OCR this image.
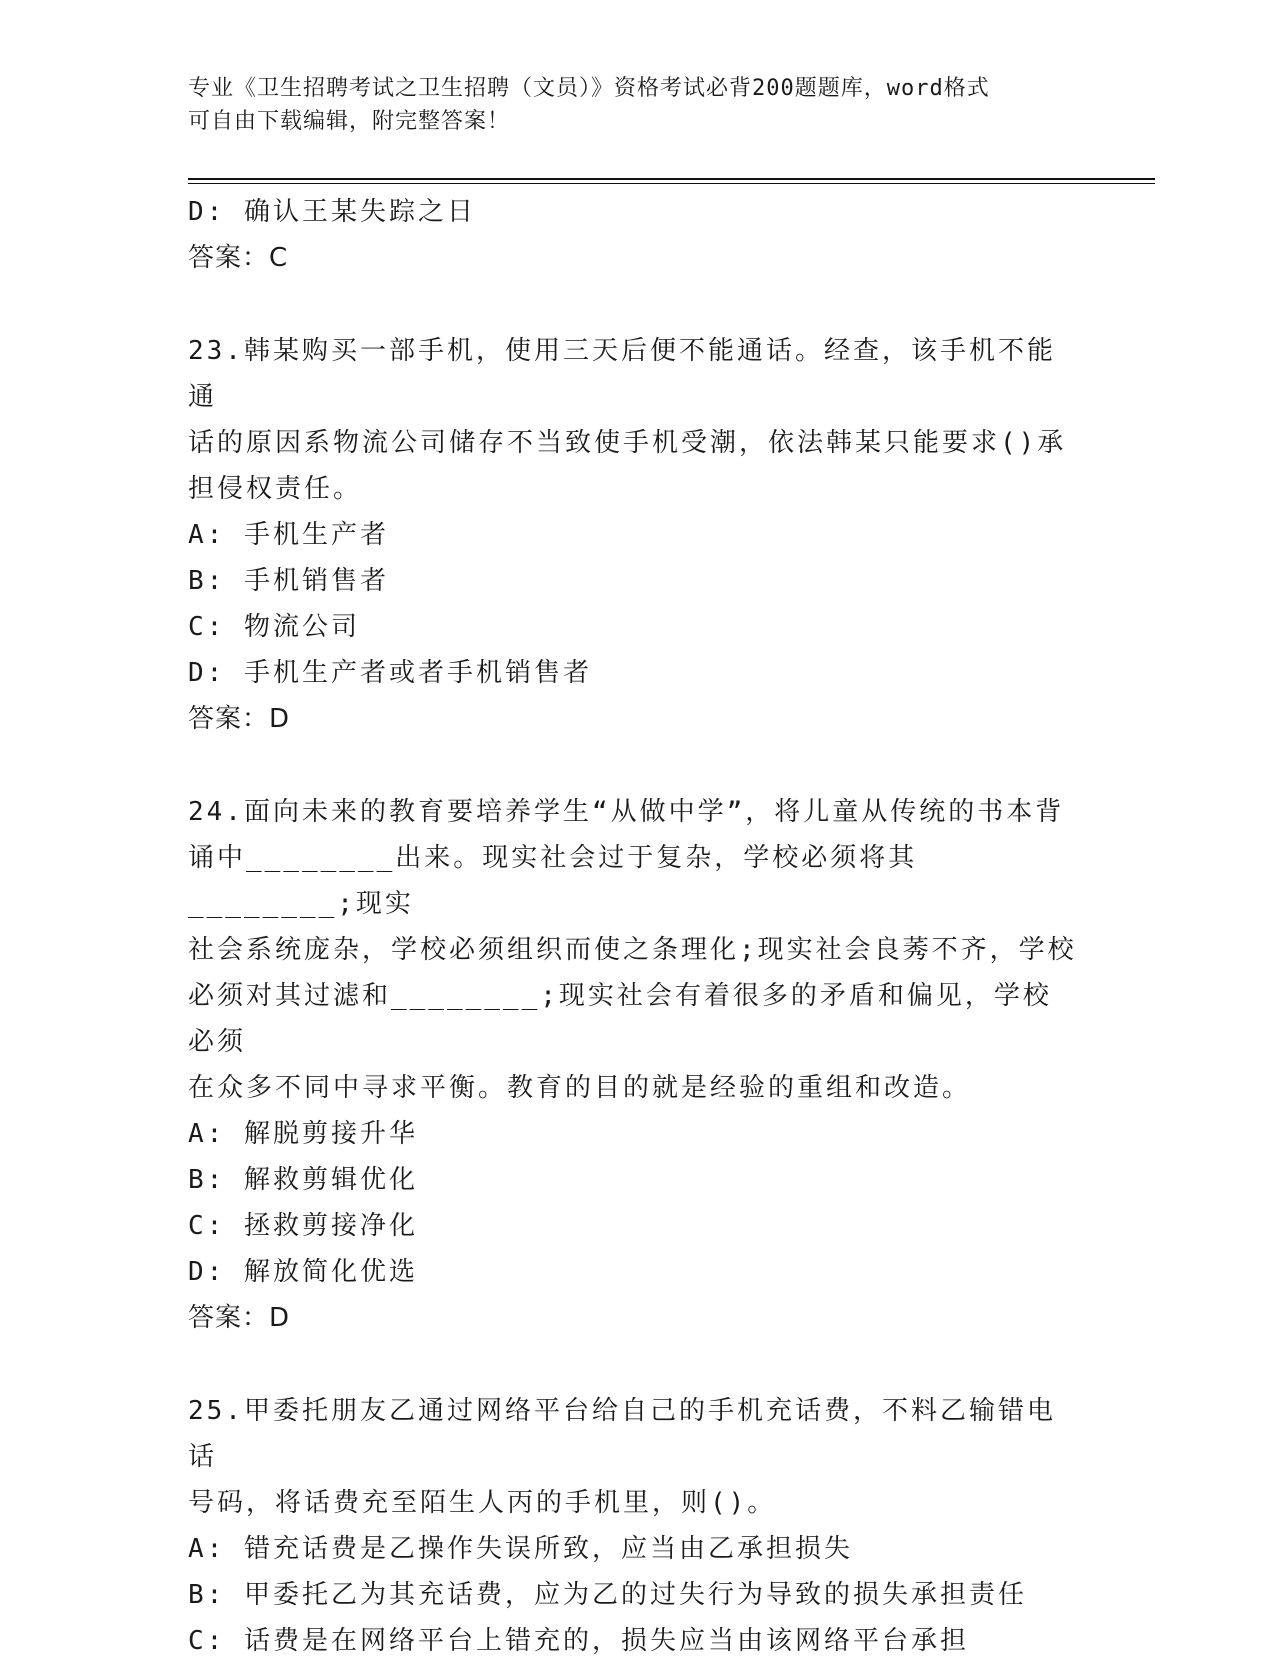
专业《卫生招聘考试之卫生招聘（文员）》资格考试必背200题题库，word格式
可自由下载编辑，附完整答案！
D: 确认王某失踪之日
答案：C
23.韩某购买一部手机，使用三天后便不能通话。经查，该手机不能通
话的原因系物流公司储存不当致使手机受潮，依法韩某只能要求()承
担侵权责任。
A: 手机生产者
B: 手机销售者
C: 物流公司
D: 手机生产者或者手机销售者
答案：D
24.面向未来的教育要培养学生“从做中学”，将儿童从传统的书本背
诵中________出来。现实社会过于复杂，学校必须将其________;现实
社会系统庞杂，学校必须组织而使之条理化;现实社会良莠不齐，学校
必须对其过滤和________;现实社会有着很多的矛盾和偏见，学校必须
在众多不同中寻求平衡。教育的目的就是经验的重组和改造。
A: 解脱剪接升华
B: 解救剪辑优化
C: 拯救剪接净化
D: 解放简化优选
答案：D
25.甲委托朋友乙通过网络平台给自己的手机充话费，不料乙输错电话
号码，将话费充至陌生人丙的手机里，则()。
A: 错充话费是乙操作失误所致，应当由乙承担损失
B: 甲委托乙为其充话费，应为乙的过失行为导致的损失承担责任
C: 话费是在网络平台上错充的，损失应当由该网络平台承担
